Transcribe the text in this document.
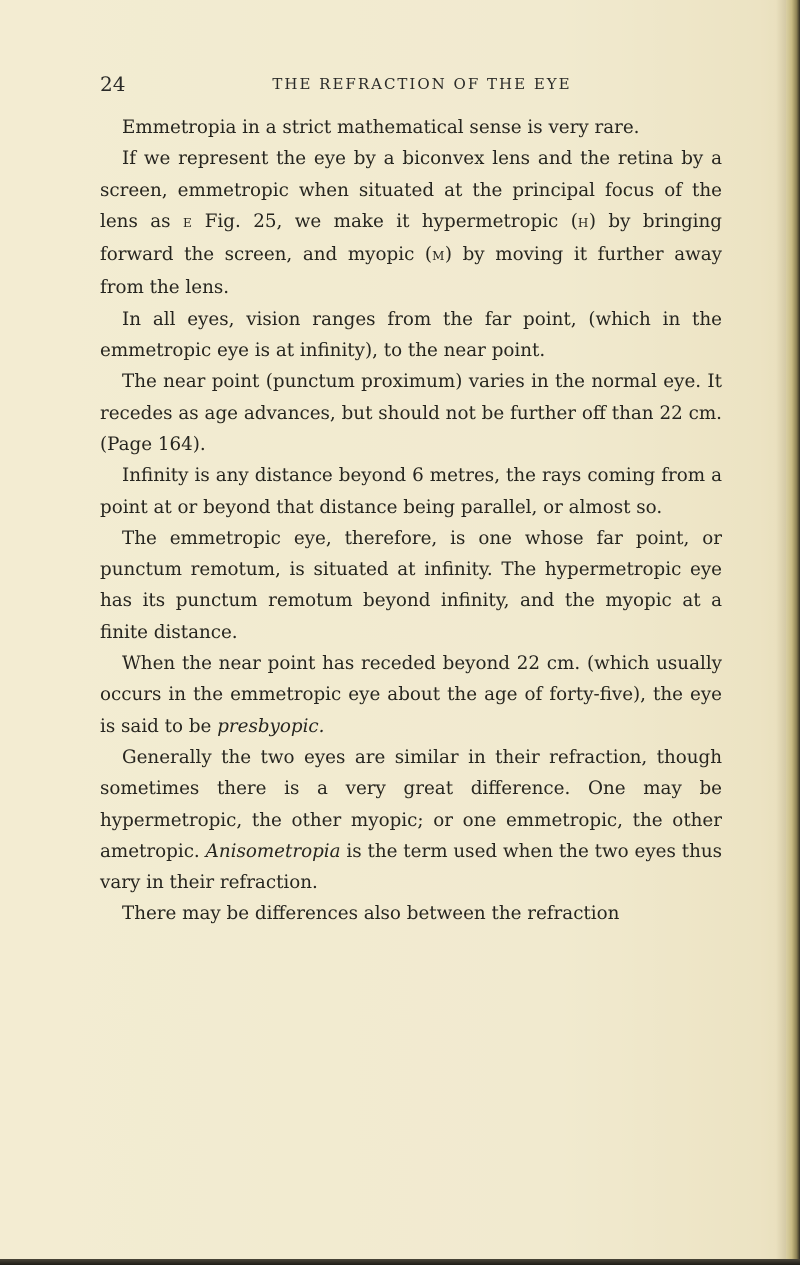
24	THE REFRACTION OF THE EYE

Emmetropia in a strict mathematical sense is very rare.

If we represent the eye by a biconvex lens and the retina by a screen, emmetropic when situated at the principal focus of the lens as E Fig. 25, we make it hypermetropic (H) by bringing forward the screen, and myopic (M) by moving it further away from the lens.

In all eyes, vision ranges from the far point, (which in the emmetropic eye is at infinity), to the near point.

The near point (punctum proximum) varies in the normal eye. It recedes as age advances, but should not be further off than 22 cm. (Page 164).

Infinity is any distance beyond 6 metres, the rays coming from a point at or beyond that distance being parallel, or almost so.

The emmetropic eye, therefore, is one whose far point, or punctum remotum, is situated at infinity. The hypermetropic eye has its punctum remotum beyond infinity, and the myopic at a finite distance.

When the near point has receded beyond 22 cm. (which usually occurs in the emmetropic eye about the age of forty-five), the eye is said to be presbyopic.

Generally the two eyes are similar in their refraction, though sometimes there is a very great difference. One may be hypermetropic, the other myopic; or one emmetropic, the other ametropic. Anisometropia is the term used when the two eyes thus vary in their refraction.

There may be differences also between the refraction
